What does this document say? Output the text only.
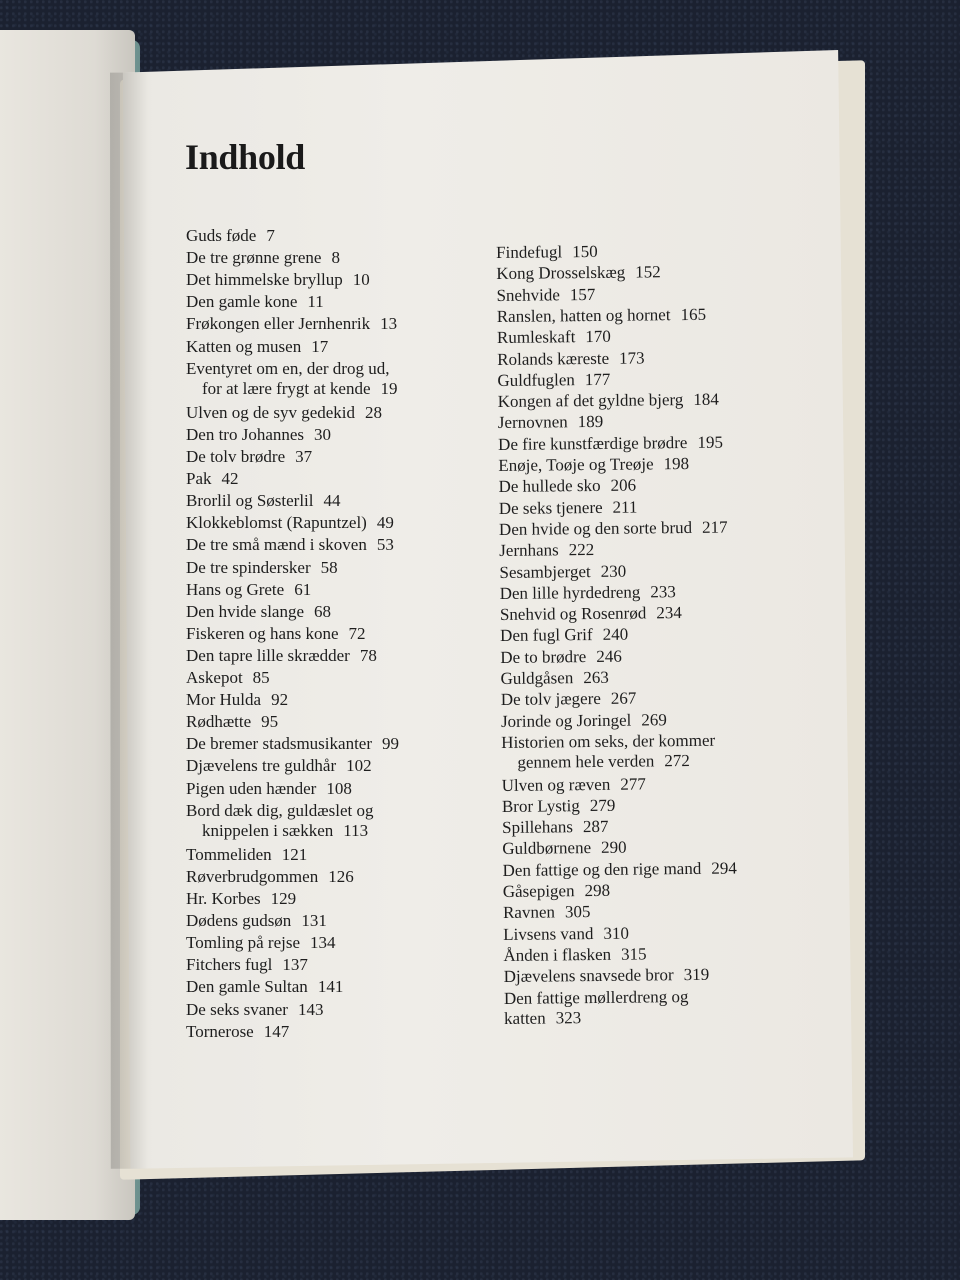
Indhold
Guds føde 7
De tre grønne grene 8
Det himmelske bryllup 10
Den gamle kone 11
Frøkongen eller Jernhenrik 13
Katten og musen 17
Eventyret om en, der drog ud,
for at lære frygt at kende 19
Ulven og de syv gedekid 28
Den tro Johannes 30
De tolv brødre 37
Pak 42
Brorlil og Søsterlil 44
Klokkeblomst (Rapuntzel) 49
De tre små mænd i skoven 53
De tre spindersker 58
Hans og Grete 61
Den hvide slange 68
Fiskeren og hans kone 72
Den tapre lille skrædder 78
Askepot 85
Mor Hulda 92
Rødhætte 95
De bremer stadsmusikanter 99
Djævelens tre guldhår 102
Pigen uden hænder 108
Bord dæk dig, guldæslet og
knippelen i sækken 113
Tommeliden 121
Røverbrudgommen 126
Hr. Korbes 129
Dødens gudsøn 131
Tomling på rejse 134
Fitchers fugl 137
Den gamle Sultan 141
De seks svaner 143
Tornerose 147
Findefugl 150
Kong Drosselskæg 152
Snehvide 157
Ranslen, hatten og hornet 165
Rumleskaft 170
Rolands kæreste 173
Guldfuglen 177
Kongen af det gyldne bjerg 184
Jernovnen 189
De fire kunstfærdige brødre 195
Enøje, Toøje og Treøje 198
De hullede sko 206
De seks tjenere 211
Den hvide og den sorte brud 217
Jernhans 222
Sesambjerget 230
Den lille hyrdedreng 233
Snehvid og Rosenrød 234
Den fugl Grif 240
De to brødre 246
Guldgåsen 263
De tolv jægere 267
Jorinde og Joringel 269
Historien om seks, der kommer
gennem hele verden 272
Ulven og ræven 277
Bror Lystig 279
Spillehans 287
Guldbørnene 290
Den fattige og den rige mand 294
Gåsepigen 298
Ravnen 305
Livsens vand 310
Ånden i flasken 315
Djævelens snavsede bror 319
Den fattige møllerdreng og
katten 323
